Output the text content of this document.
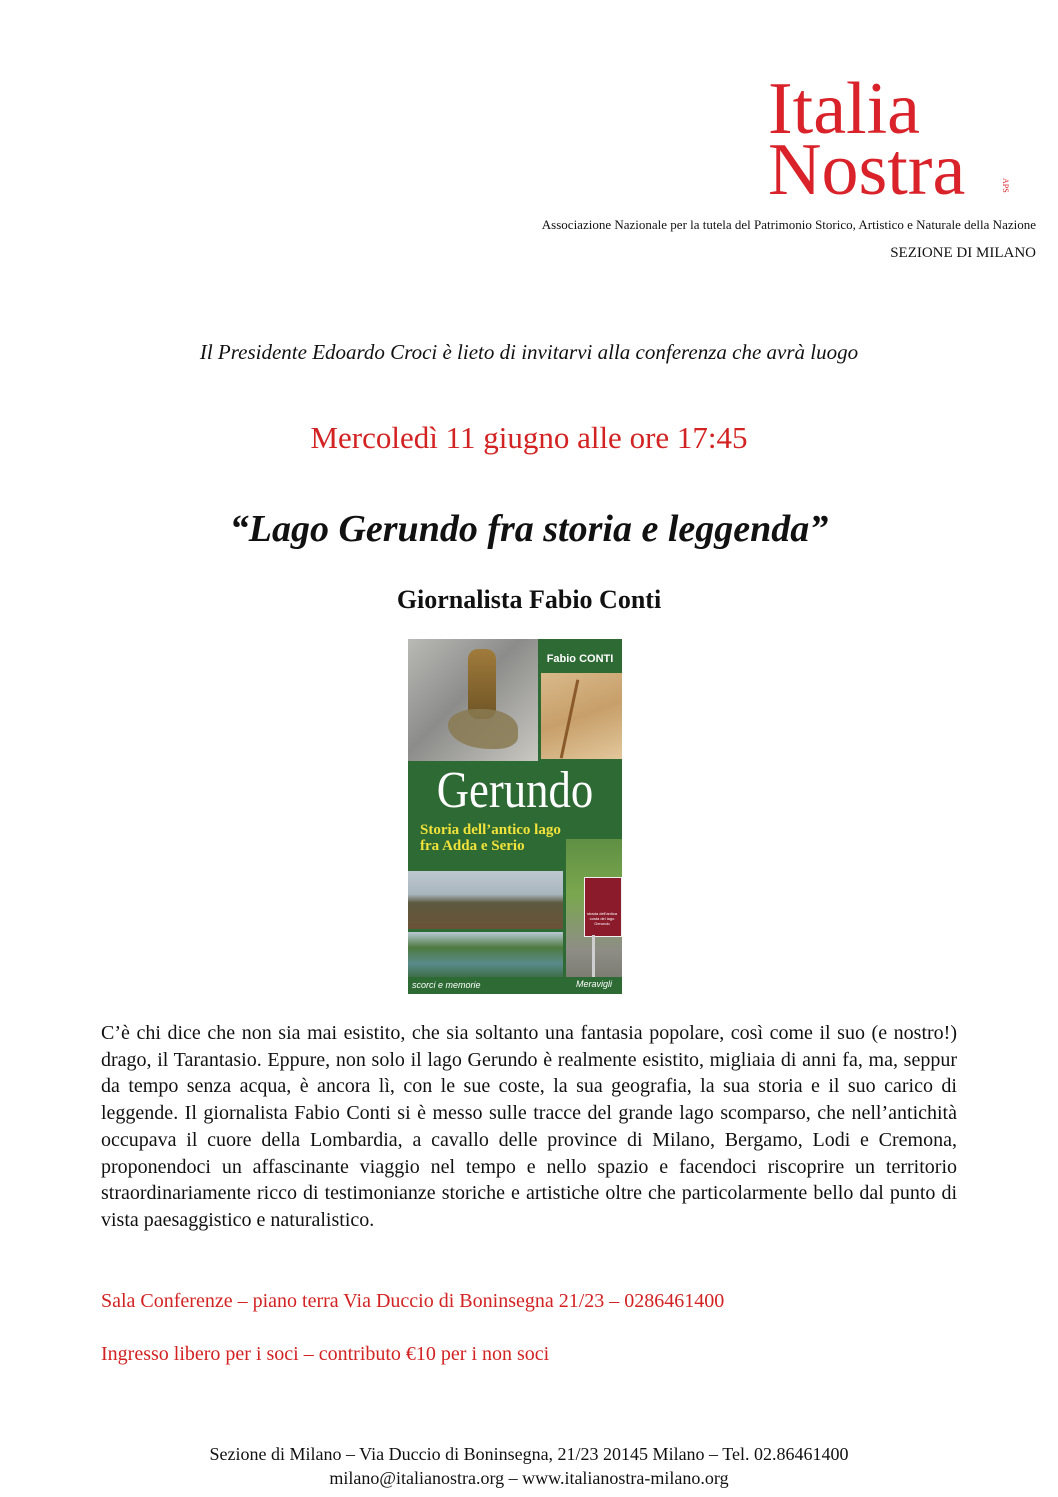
Italia
Nostra	APS
Associazione Nazionale per la tutela del Patrimonio Storico, Artistico e Naturale della Nazione
SEZIONE DI MILANO
Il Presidente Edoardo Croci è lieto di invitarvi alla conferenza che avrà luogo
Mercoledì 11 giugno alle ore 17:45
“Lago Gerundo fra storia e leggenda”
Giornalista Fabio Conti
Fabio CONTI
Gerundo
Storia dell’antico lago
fra Adda e Serio
strada dell’antica costa del lago Gerundo
scorci e memorie	Meravigli
C’è chi dice che non sia mai esistito, che sia soltanto una fantasia popolare, così come il suo (e nostro!) drago, il Tarantasio. Eppure, non solo il lago Gerundo è realmente esistito, migliaia di anni fa, ma, seppur da tempo senza acqua, è ancora lì, con le sue coste, la sua geografia, la sua storia e il suo carico di leggende. Il giornalista Fabio Conti si è messo sulle tracce del grande lago scomparso, che nell’antichità occupava il cuore della Lombardia, a cavallo delle province di Milano, Bergamo, Lodi e Cremona, proponendoci un affascinante viaggio nel tempo e nello spazio e facendoci riscoprire un territorio straordinariamente ricco di testimonianze storiche e artistiche oltre che particolarmente bello dal punto di vista paesaggistico e naturalistico.
Sala Conferenze – piano terra Via Duccio di Boninsegna 21/23 – 0286461400
Ingresso libero per i soci – contributo €10 per i non soci
Sezione di Milano – Via Duccio di Boninsegna, 21/23 20145 Milano – Tel. 02.86461400
milano@italianostra.org – www.italianostra-milano.org
